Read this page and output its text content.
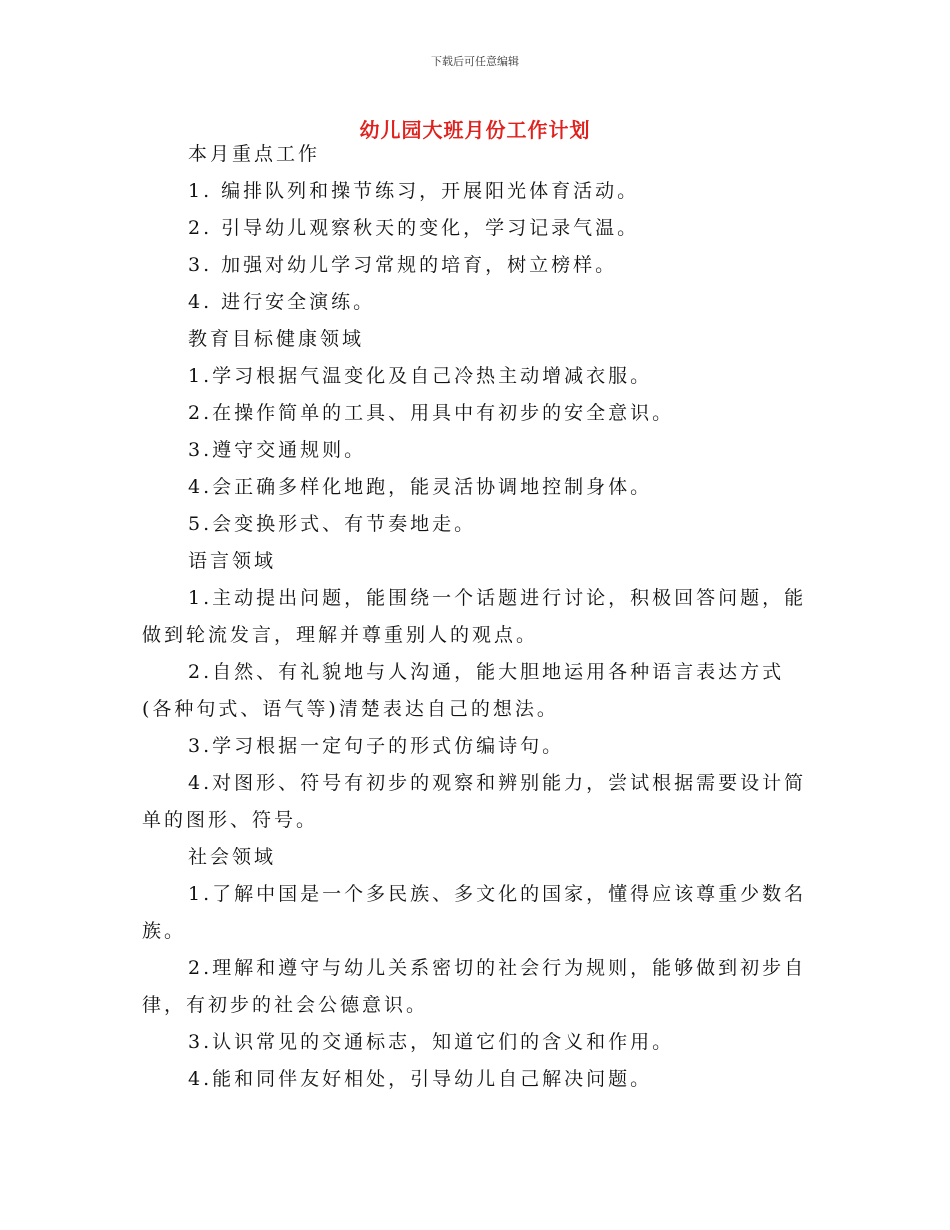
下载后可任意编辑
幼儿园大班月份工作计划

本月重点工作

1. 编排队列和操节练习，开展阳光体育活动。

2. 引导幼儿观察秋天的变化，学习记录气温。

3. 加强对幼儿学习常规的培育，树立榜样。

4. 进行安全演练。

教育目标健康领域

1.学习根据气温变化及自己冷热主动增减衣服。

2.在操作简单的工具、用具中有初步的安全意识。

3.遵守交通规则。

4.会正确多样化地跑，能灵活协调地控制身体。

5.会变换形式、有节奏地走。

语言领域

1.主动提出问题，能围绕一个话题进行讨论，积极回答问题，能做到轮流发言，理解并尊重别人的观点。

2.自然、有礼貌地与人沟通，能大胆地运用各种语言表达方式(各种句式、语气等)清楚表达自己的想法。

3.学习根据一定句子的形式仿编诗句。

4.对图形、符号有初步的观察和辨别能力，尝试根据需要设计简单的图形、符号。

社会领域

1.了解中国是一个多民族、多文化的国家，懂得应该尊重少数名族。

2.理解和遵守与幼儿关系密切的社会行为规则，能够做到初步自律，有初步的社会公德意识。

3.认识常见的交通标志，知道它们的含义和作用。

4.能和同伴友好相处，引导幼儿自己解决问题。
